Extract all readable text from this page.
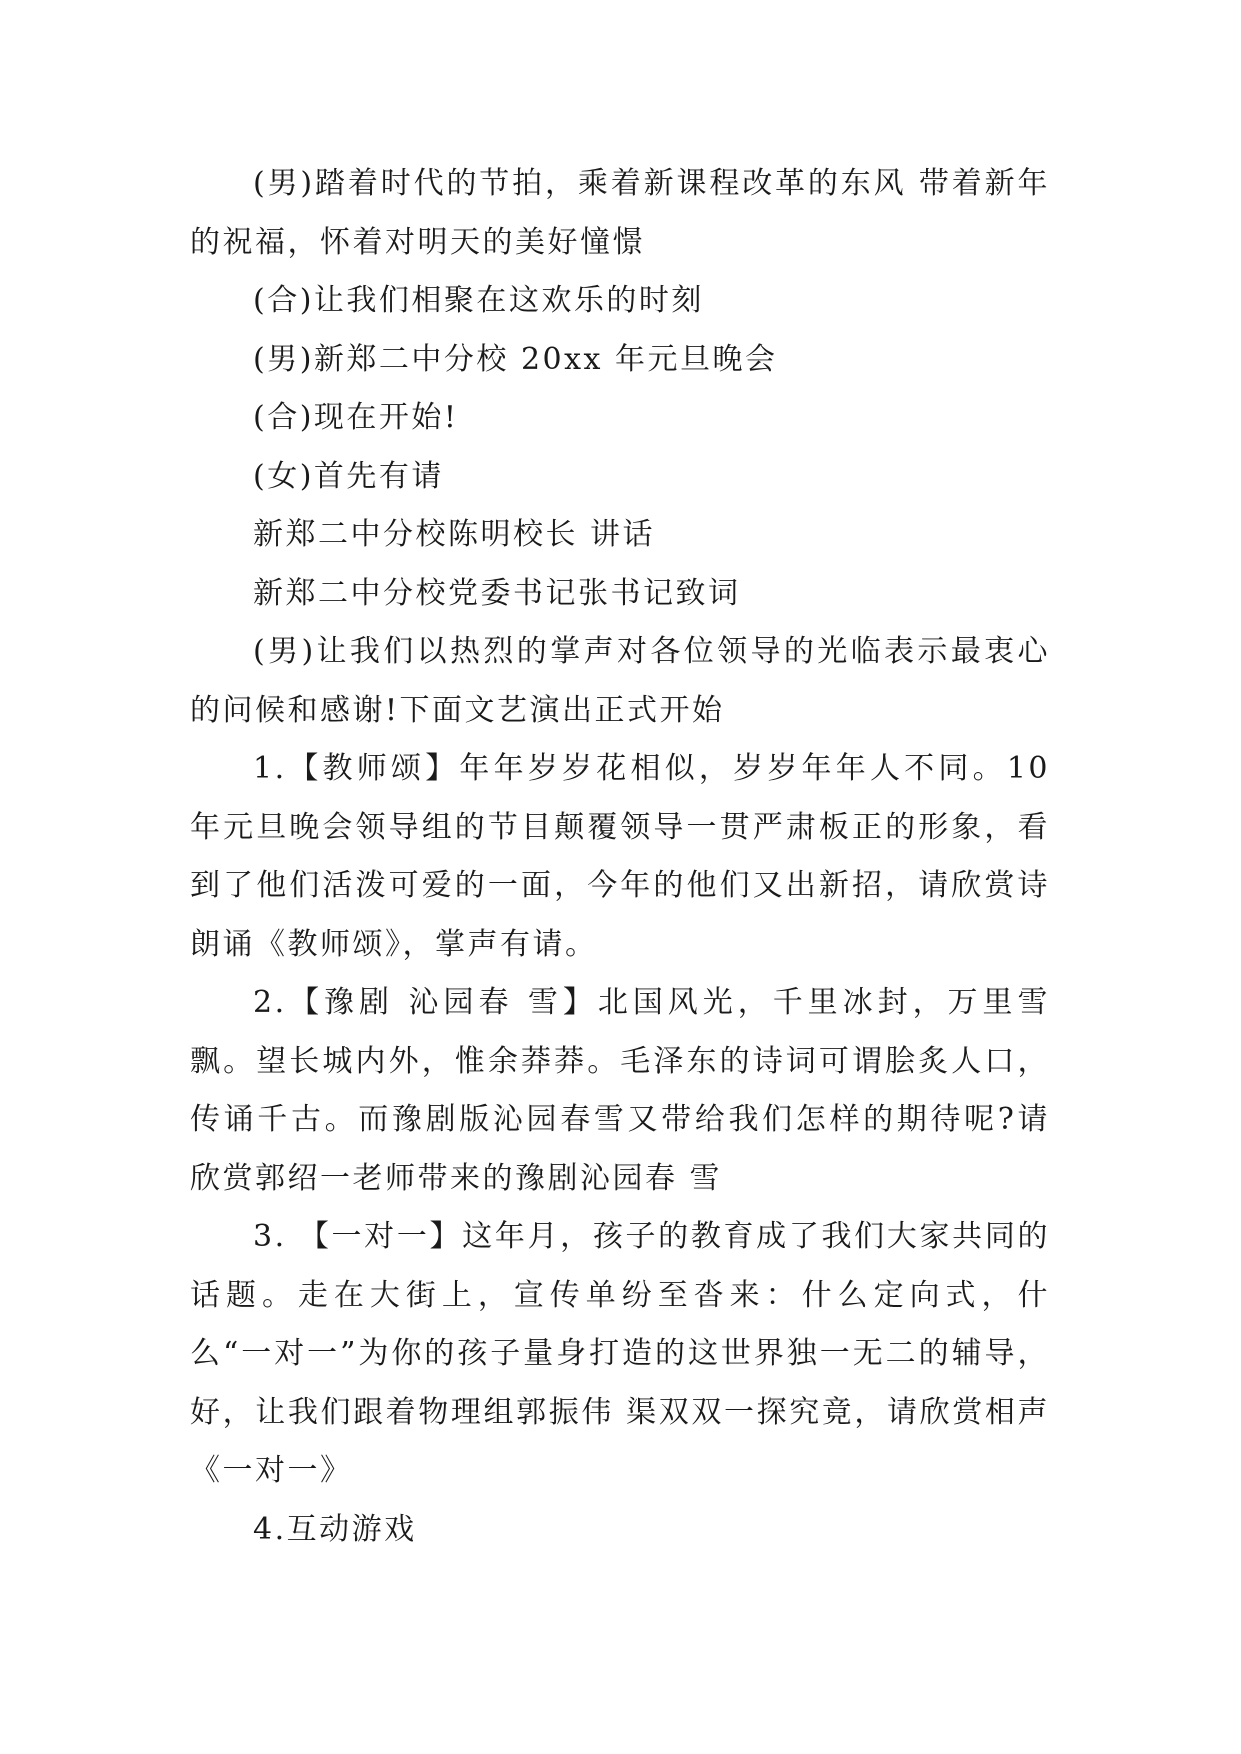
(男)踏着时代的节拍，乘着新课程改革的东风 带着新年的祝福，怀着对明天的美好憧憬

(合)让我们相聚在这欢乐的时刻

(男)新郑二中分校 20xx 年元旦晚会

(合)现在开始!

(女)首先有请

新郑二中分校陈明校长 讲话

新郑二中分校党委书记张书记致词

(男)让我们以热烈的掌声对各位领导的光临表示最衷心的问候和感谢!下面文艺演出正式开始

1.【教师颂】年年岁岁花相似，岁岁年年人不同。10 年元旦晚会领导组的节目颠覆领导一贯严肃板正的形象，看到了他们活泼可爱的一面，今年的他们又出新招，请欣赏诗朗诵《教师颂》，掌声有请。

2.【豫剧 沁园春 雪】北国风光，千里冰封，万里雪飘。望长城内外，惟余莽莽。毛泽东的诗词可谓脍炙人口，传诵千古。而豫剧版沁园春雪又带给我们怎样的期待呢?请欣赏郭绍一老师带来的豫剧沁园春 雪

3. 【一对一】这年月，孩子的教育成了我们大家共同的话题。走在大街上，宣传单纷至沓来：什么定向式，什么“一对一”为你的孩子量身打造的这世界独一无二的辅导，好，让我们跟着物理组郭振伟 渠双双一探究竟，请欣赏相声《一对一》

4.互动游戏
